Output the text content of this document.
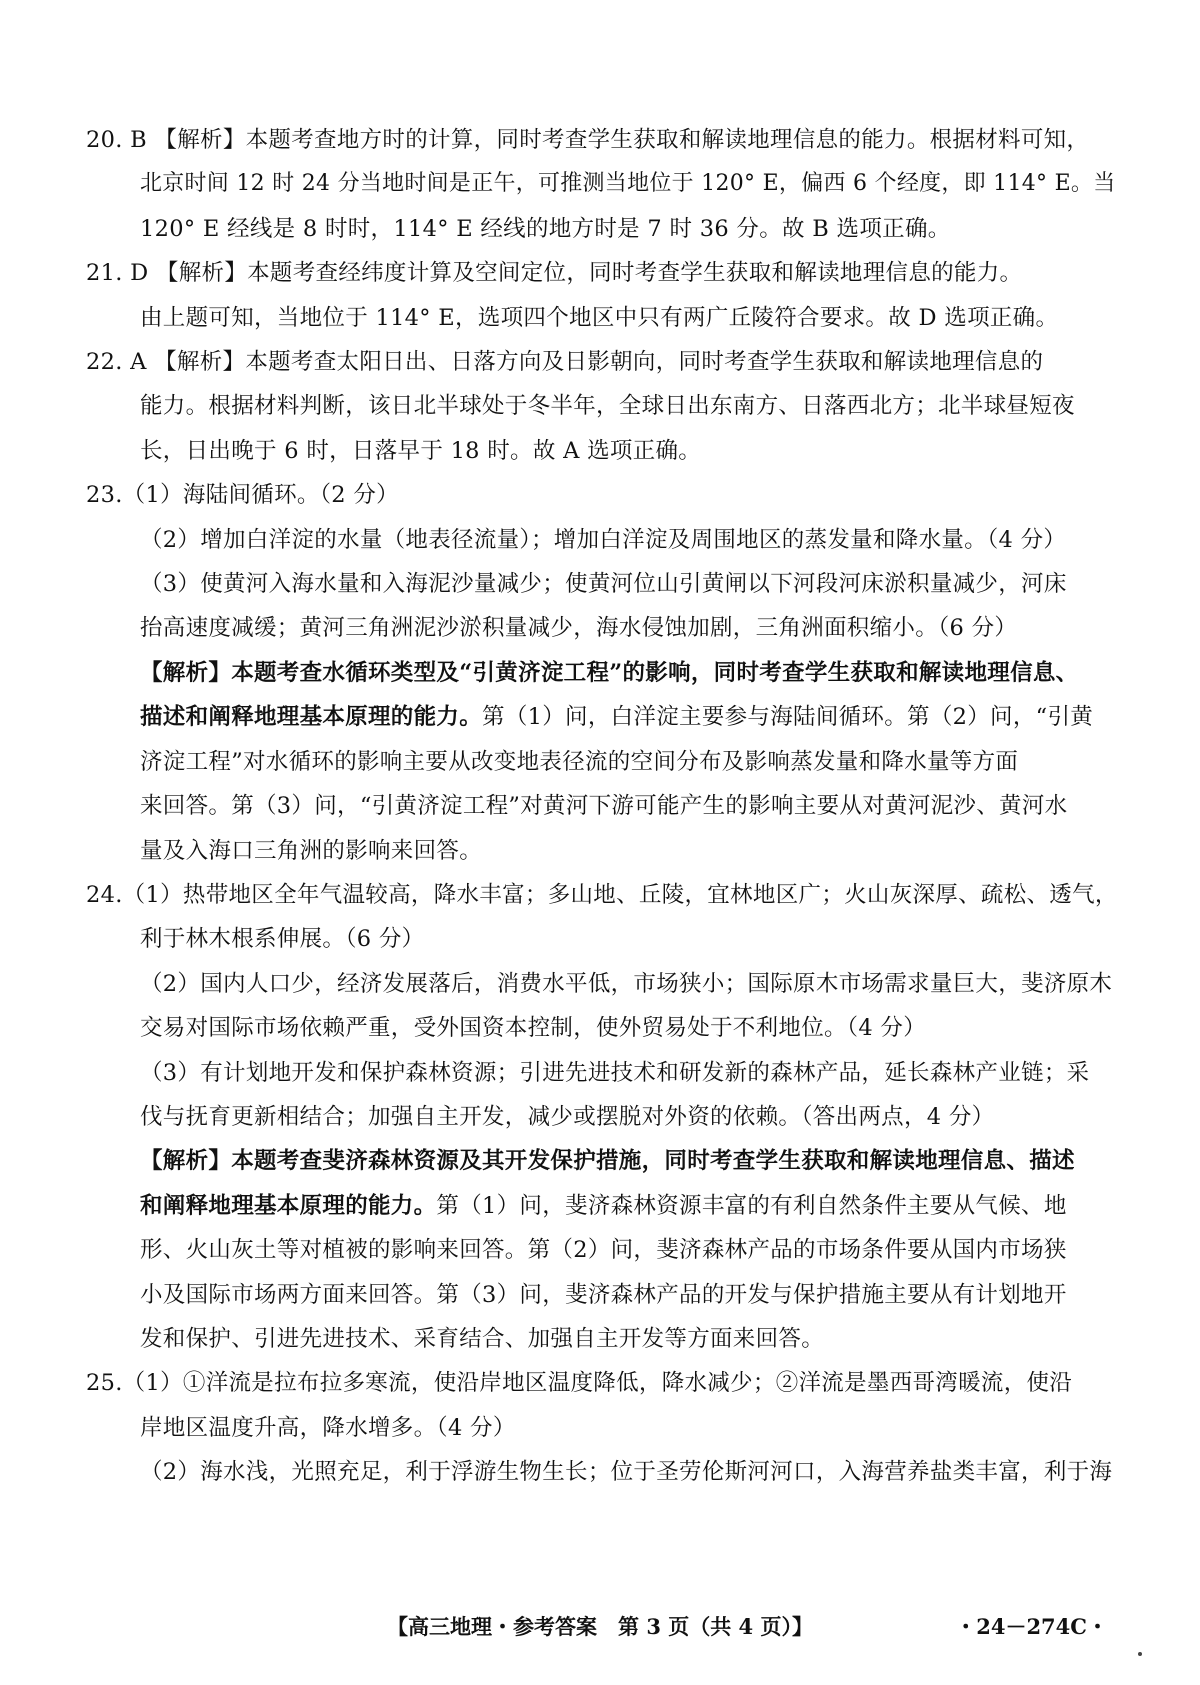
20. B 【解析】本题考查地方时的计算，同时考查学生获取和解读地理信息的能力。根据材料可知，
北京时间 12 时 24 分当地时间是正午，可推测当地位于 120° E，偏西 6 个经度，即 114° E。当
120° E 经线是 8 时时，114° E 经线的地方时是 7 时 36 分。故 B 选项正确。
21. D 【解析】本题考查经纬度计算及空间定位，同时考查学生获取和解读地理信息的能力。
由上题可知，当地位于 114° E，选项四个地区中只有两广丘陵符合要求。故 D 选项正确。
22. A 【解析】本题考查太阳日出、日落方向及日影朝向，同时考查学生获取和解读地理信息的
能力。根据材料判断，该日北半球处于冬半年，全球日出东南方、日落西北方；北半球昼短夜
长，日出晚于 6 时，日落早于 18 时。故 A 选项正确。
23.（1）海陆间循环。（2 分）
（2）增加白洋淀的水量（地表径流量）；增加白洋淀及周围地区的蒸发量和降水量。（4 分）
（3）使黄河入海水量和入海泥沙量减少；使黄河位山引黄闸以下河段河床淤积量减少，河床
抬高速度减缓；黄河三角洲泥沙淤积量减少，海水侵蚀加剧，三角洲面积缩小。（6 分）
【解析】本题考查水循环类型及“引黄济淀工程”的影响，同时考查学生获取和解读地理信息、
描述和阐释地理基本原理的能力。第（1）问，白洋淀主要参与海陆间循环。第（2）问，“引黄
济淀工程”对水循环的影响主要从改变地表径流的空间分布及影响蒸发量和降水量等方面
来回答。第（3）问，“引黄济淀工程”对黄河下游可能产生的影响主要从对黄河泥沙、黄河水
量及入海口三角洲的影响来回答。
24.（1）热带地区全年气温较高，降水丰富；多山地、丘陵，宜林地区广；火山灰深厚、疏松、透气，
利于林木根系伸展。（6 分）
（2）国内人口少，经济发展落后，消费水平低，市场狭小；国际原木市场需求量巨大，斐济原木
交易对国际市场依赖严重，受外国资本控制，使外贸易处于不利地位。（4 分）
（3）有计划地开发和保护森林资源；引进先进技术和研发新的森林产品，延长森林产业链；采
伐与抚育更新相结合；加强自主开发，减少或摆脱对外资的依赖。（答出两点，4 分）
【解析】本题考查斐济森林资源及其开发保护措施，同时考查学生获取和解读地理信息、描述
和阐释地理基本原理的能力。第（1）问，斐济森林资源丰富的有利自然条件主要从气候、地
形、火山灰土等对植被的影响来回答。第（2）问，斐济森林产品的市场条件要从国内市场狭
小及国际市场两方面来回答。第（3）问，斐济森林产品的开发与保护措施主要从有计划地开
发和保护、引进先进技术、采育结合、加强自主开发等方面来回答。
25.（1）①洋流是拉布拉多寒流，使沿岸地区温度降低，降水减少；②洋流是墨西哥湾暖流，使沿
岸地区温度升高，降水增多。（4 分）
（2）海水浅，光照充足，利于浮游生物生长；位于圣劳伦斯河河口，入海营养盐类丰富，利于海
【高三地理・参考答案　第 3 页（共 4 页）】	・24－274C・
